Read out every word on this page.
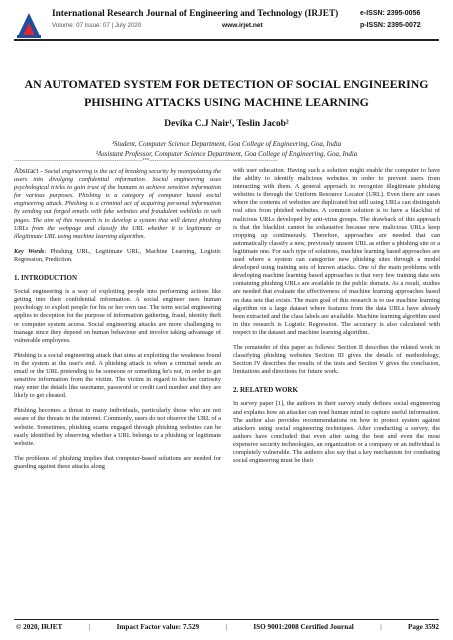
International Research Journal of Engineering and Technology (IRJET)
Volume: 07 Issue: 07 | July 2020	www.irjet.net
e-ISSN: 2395-0056
p-ISSN: 2395-0072
AN AUTOMATED SYSTEM FOR DETECTION OF SOCIAL ENGINEERING
PHISHING ATTACKS USING MACHINE LEARNING
Devika C.J Nair¹, Teslin Jacob²
¹Student, Computer Science Department, Goa College of Engineering, Goa, India
²Assistant Professor, Computer Science Department, Goa College of Engineering, Goa, India
---------------------------------------------------------------------***---------------------------------------------------------------------

Abstract - Social engineering is the act of breaking security by manipulating the users into divulging confidential information. Social engineering uses psychological tricks to gain trust of the humans to achieve sensitive information for various purposes. Phishing is a category of computer based social engineering attack. Phishing is a criminal act of acquiring personal information by sending out forged emails with fake websites and fraudulent weblinks in web pages. The aim of this research is to develop a system that will detect phishing URLs from the webpage and classify the URL whether it is legitimate or illegitimate URL using machine learning algorithm.

Key Words: Phishing URL, Legitimate URL, Machine Learning, Logistic Regression, Prediction.

1. INTRODUCTION

Social engineering is a way of exploiting people into performing actions like getting into their confidential information. A social engineer uses human psychology to exploit people for his or her own use. The term social engineering applies to deception for the purpose of information gathering, fraud, identity theft or computer system access. Social engineering attacks are more challenging to manage since they depend on human behaviour and involve taking advantage of vulnerable employees.

Phishing is a social engineering attack that aims at exploiting the weakness found in the system at the user's end. A phishing attack is when a criminal sends an email or the URL pretending to be someone or something he's not, in order to get sensitive information from the victim. The victim in regard to his/her curiosity may enter the details like username, password or credit card number and they are likely to get cheated.

Phishing becomes a threat to many individuals, particularly those who are not aware of the threats in the internet. Commonly, users do not observe the URL of a website. Sometimes, phishing scams engaged through phishing websites can be easily identified by observing whether a URL belongs to a phishing or legitimate website.

The problems of phishing implies that computer-based solutions are needed for guarding against these attacks along

with user education. Having such a solution might enable the computer to have the ability to identify malicious websites in order to prevent users from interacting with them. A general approach to recognize illegitimate phishing websites is through the Uniform Resource Locator (URL). Even there are cases where the contents of websites are duplicated but still using URLs can distinguish real sites from phished websites. A common solution is to have a blacklist of malicious URLs developed by anti-virus groups. The drawback of this approach is that the blacklist cannot be exhaustive because new malicious URLs keep cropping up continuously. Therefore, approaches are needed that can automatically classify a new, previously unseen URL as either a phishing site or a legitimate one. For such type of solutions, machine learning based approaches are used where a system can categorize new phishing sites through a model developed using training sets of known attacks. One of the main problems with developing machine learning based approaches is that very few training data sets containing phishing URLs are available in the public domain. As a result, studies are needed that evaluate the effectiveness of machine learning approaches based on data sets that exists. The main goal of this research is to use machine learning algorithm on a large dataset where features from the data URLs have already been extracted and the class labels are available. Machine learning algorithm used in this research is Logistic Regression. The accuracy is also calculated with respect to the dataset and machine learning algorithm.

The remainder of this paper as follows: Section II describes the related work in classifying phishing websites Section III gives the details of methodology, Section IV describes the results of the tests and Section V gives the conclusion, limitations and directions for future work.

2. RELATED WORK

In survey paper [1], the authors in their survey study defines social engineering and explains how an attacker can read human mind to capture useful information. The author also provides recommendations on how to protect system against attackers using social engineering techniques. After conducting a survey, the authors have concluded that even after using the best and even the most expensive security technologies, an organization or a company or an individual is completely vulnerable. The authors also say that a key mechanism for combating social engineering must be their

© 2020, IRJET	|	Impact Factor value: 7.529	|	ISO 9001:2008 Certified Journal	|	Page 3592
